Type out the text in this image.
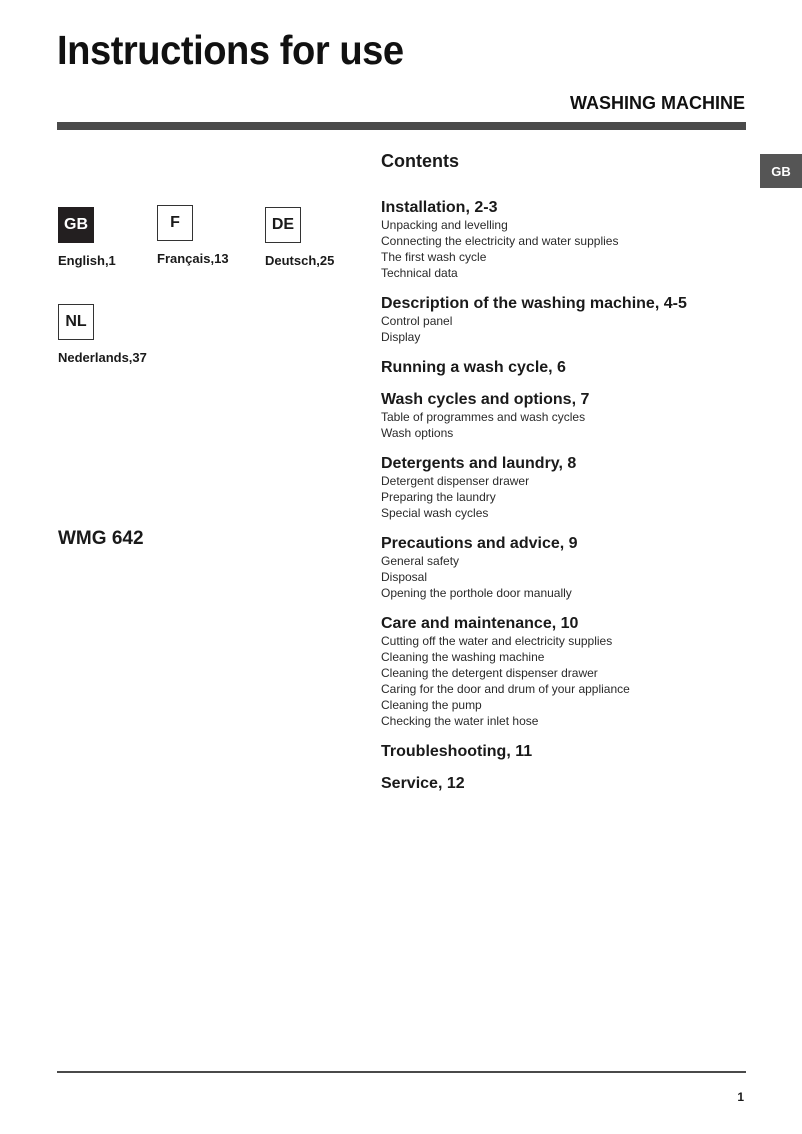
Instructions for use
WASHING MACHINE
GB
GB
English,1
F
Français,13
DE
Deutsch,25
NL
Nederlands,37
WMG 642
Contents
Installation, 2-3
Unpacking and levelling
Connecting the electricity and water supplies
The first wash cycle
Technical data
Description of the washing machine, 4-5
Control panel
Display
Running a wash cycle, 6
Wash cycles and options, 7
Table of programmes and wash cycles
Wash options
Detergents and laundry, 8
Detergent dispenser drawer
Preparing the laundry
Special wash cycles
Precautions and advice, 9
General safety
Disposal
Opening the porthole door manually
Care and maintenance, 10
Cutting off the water and electricity supplies
Cleaning the washing machine
Cleaning the detergent dispenser drawer
Caring for the door and drum of your appliance
Cleaning the pump
Checking the water inlet hose
Troubleshooting, 11
Service, 12
1
